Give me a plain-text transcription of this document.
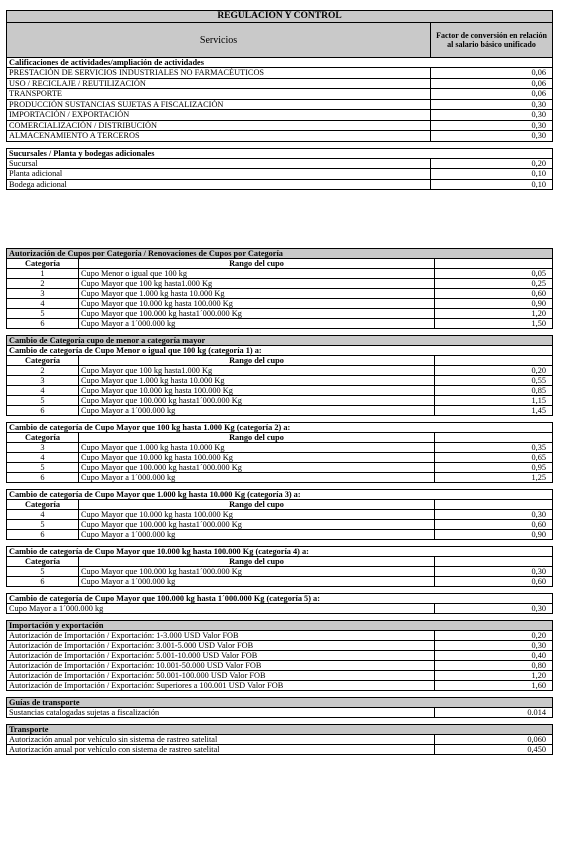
REGULACIÓN Y CONTROL	
Servicios	Factor de conversión en relación al salario básico unificado
Calificaciones de actividades/ampliación de actividades	
PRESTACIÓN DE SERVICIOS INDUSTRIALES NO FARMACÉUTICOS	0,06
USO / RECICLAJE / REUTILIZACIÓN	0,06
TRANSPORTE	0,06
PRODUCCIÓN SUSTANCIAS SUJETAS A FISCALIZACIÓN	0,30
IMPORTACIÓN / EXPORTACIÓN	0,30
COMERCIALIZACIÓN / DISTRIBUCIÓN	0,30
ALMACENAMIENTO A TERCEROS	0,30

Sucursales / Planta y bodegas adicionales	
Sucursal	0,20
Planta adicional	0,10
Bodega adicional	0,10
Autorización de Cupos por Categoría / Renovaciones de Cupos por Categoría		
Categoría	Rango del cupo	
1	Cupo Menor o igual que 100 kg	0,05
2	Cupo Mayor que 100 kg hasta1.000 Kg	0,25
3	Cupo Mayor que 1.000 kg hasta 10.000 Kg	0,60
4	Cupo Mayor que 10.000 kg hasta 100.000 Kg	0,90
5	Cupo Mayor que 100.000 kg hasta1´000.000 Kg	1,20
6	Cupo Mayor a 1´000.000 kg	1,50

Cambio de Categoría cupo de menor a categoría mayor		
Cambio de categoría de Cupo Menor o igual que 100 kg (categoría 1) a:		
Categoría	Rango del cupo	
2	Cupo Mayor que 100 kg hasta1.000 Kg	0,20
3	Cupo Mayor que 1.000 kg hasta 10.000 Kg	0,55
4	Cupo Mayor que 10.000 kg hasta 100.000 Kg	0,85
5	Cupo Mayor que 100.000 kg hasta1´000.000 Kg	1,15
6	Cupo Mayor a 1´000.000 kg	1,45

Cambio de categoría de Cupo Mayor que 100 kg hasta 1.000 Kg (categoría 2) a:		
Categoría	Rango del cupo	
3	Cupo Mayor que 1.000 kg hasta 10.000 Kg	0,35
4	Cupo Mayor que 10.000 kg hasta 100.000 Kg	0,65
5	Cupo Mayor que 100.000 kg hasta1´000.000 Kg	0,95
6	Cupo Mayor a 1´000.000 kg	1,25

Cambio de categoría de Cupo Mayor que 1.000 kg hasta 10.000 Kg (categoría 3) a:		
Categoría	Rango del cupo	
4	Cupo Mayor que 10.000 kg hasta 100.000 Kg	0,30
5	Cupo Mayor que 100.000 kg hasta1´000.000 Kg	0,60
6	Cupo Mayor a 1´000.000 kg	0,90

Cambio de categoría de Cupo Mayor que 10.000 kg hasta 100.000 Kg (categoría 4) a:		
Categoría	Rango del cupo	
5	Cupo Mayor que 100.000 kg hasta1´000.000 Kg	0,30
6	Cupo Mayor a 1´000.000 kg	0,60

Cambio de categoría de Cupo Mayor que 100.000 kg hasta 1´000.000 Kg (categoría 5) a:		
Cupo Mayor a 1´000.000 kg		0,30

Importación y exportación		
Autorización de Importación / Exportación: 1-3.000 USD Valor FOB		0,20
Autorización de Importación / Exportación: 3.001-5.000 USD Valor FOB		0,30
Autorización de Importación / Exportación: 5.001-10.000 USD Valor FOB		0,40
Autorización de Importación / Exportación: 10.001-50.000 USD Valor FOB		0,80
Autorización de Importación / Exportación: 50.001-100.000 USD Valor FOB		1,20
Autorización de Importación / Exportación: Superiores a 100.001 USD Valor FOB		1,60

Guías de transporte		
Sustancias catalogadas sujetas a fiscalización		0.014

Transporte		
Autorización anual por vehículo sin sistema de rastreo satelital		0,060
Autorización anual por vehículo con sistema de rastreo satelital		0,450
